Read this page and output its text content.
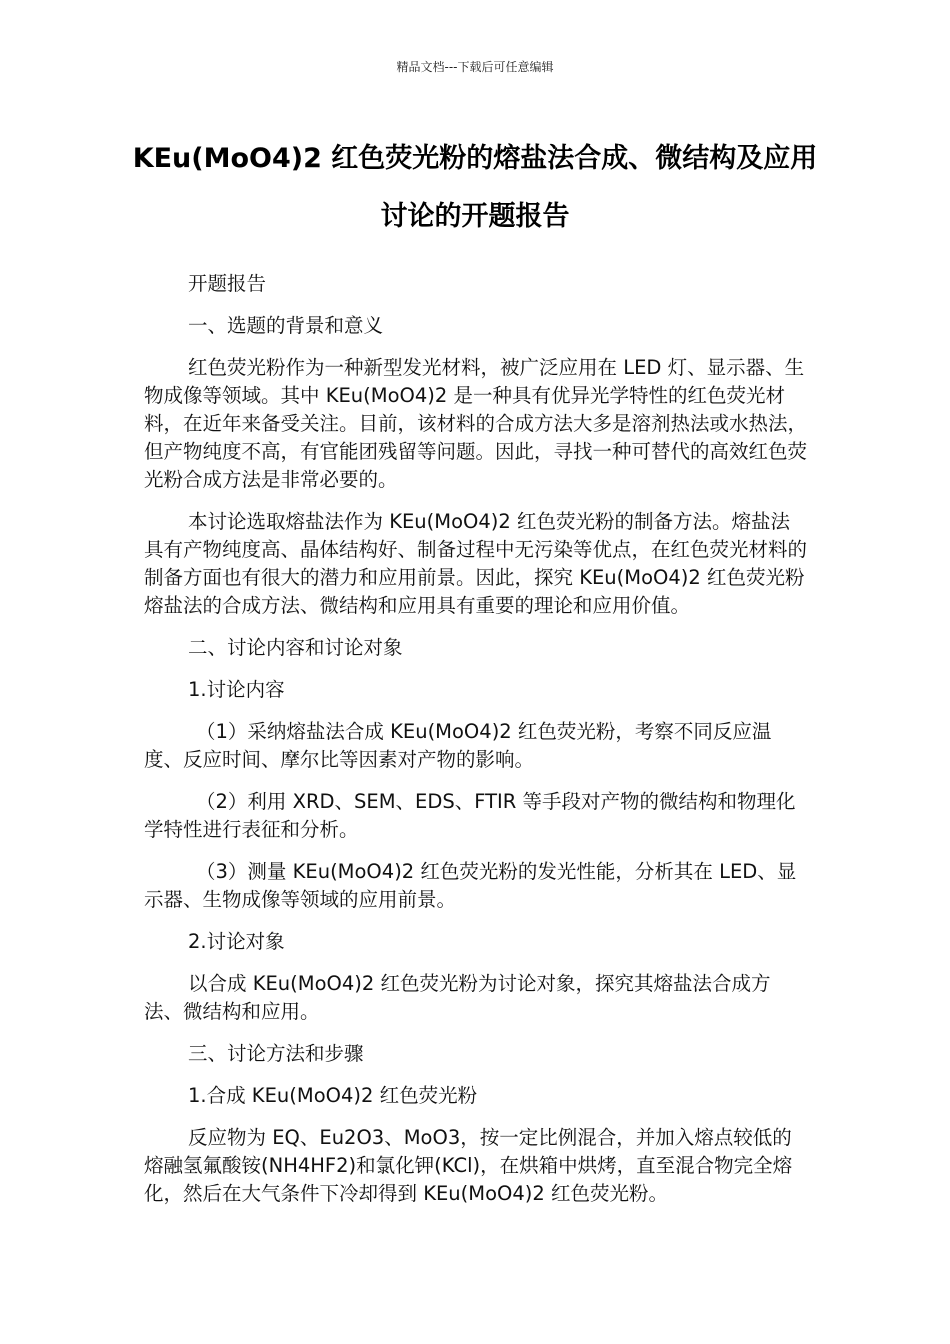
精品文档---下载后可任意编辑
KEu(MoO4)2 红色荧光粉的熔盐法合成、微结构及应用讨论的开题报告

开题报告

一、选题的背景和意义

红色荧光粉作为一种新型发光材料，被广泛应用在 LED 灯、显示器、生物成像等领域。其中 KEu(MoO4)2 是一种具有优异光学特性的红色荧光材料，在近年来备受关注。目前，该材料的合成方法大多是溶剂热法或水热法，但产物纯度不高，有官能团残留等问题。因此，寻找一种可替代的高效红色荧光粉合成方法是非常必要的。

本讨论选取熔盐法作为 KEu(MoO4)2 红色荧光粉的制备方法。熔盐法具有产物纯度高、晶体结构好、制备过程中无污染等优点，在红色荧光材料的制备方面也有很大的潜力和应用前景。因此，探究 KEu(MoO4)2 红色荧光粉熔盐法的合成方法、微结构和应用具有重要的理论和应用价值。

二、讨论内容和讨论对象

1.讨论内容

（1）采纳熔盐法合成 KEu(MoO4)2 红色荧光粉，考察不同反应温度、反应时间、摩尔比等因素对产物的影响。

（2）利用 XRD、SEM、EDS、FTIR 等手段对产物的微结构和物理化学特性进行表征和分析。

（3）测量 KEu(MoO4)2 红色荧光粉的发光性能，分析其在 LED、显示器、生物成像等领域的应用前景。

2.讨论对象

以合成 KEu(MoO4)2 红色荧光粉为讨论对象，探究其熔盐法合成方法、微结构和应用。

三、讨论方法和步骤

1.合成 KEu(MoO4)2 红色荧光粉

反应物为 EQ、Eu2O3、MoO3，按一定比例混合，并加入熔点较低的熔融氢氟酸铵(NH4HF2)和氯化钾(KCl)，在烘箱中烘烤，直至混合物完全熔化，然后在大气条件下冷却得到 KEu(MoO4)2 红色荧光粉。
